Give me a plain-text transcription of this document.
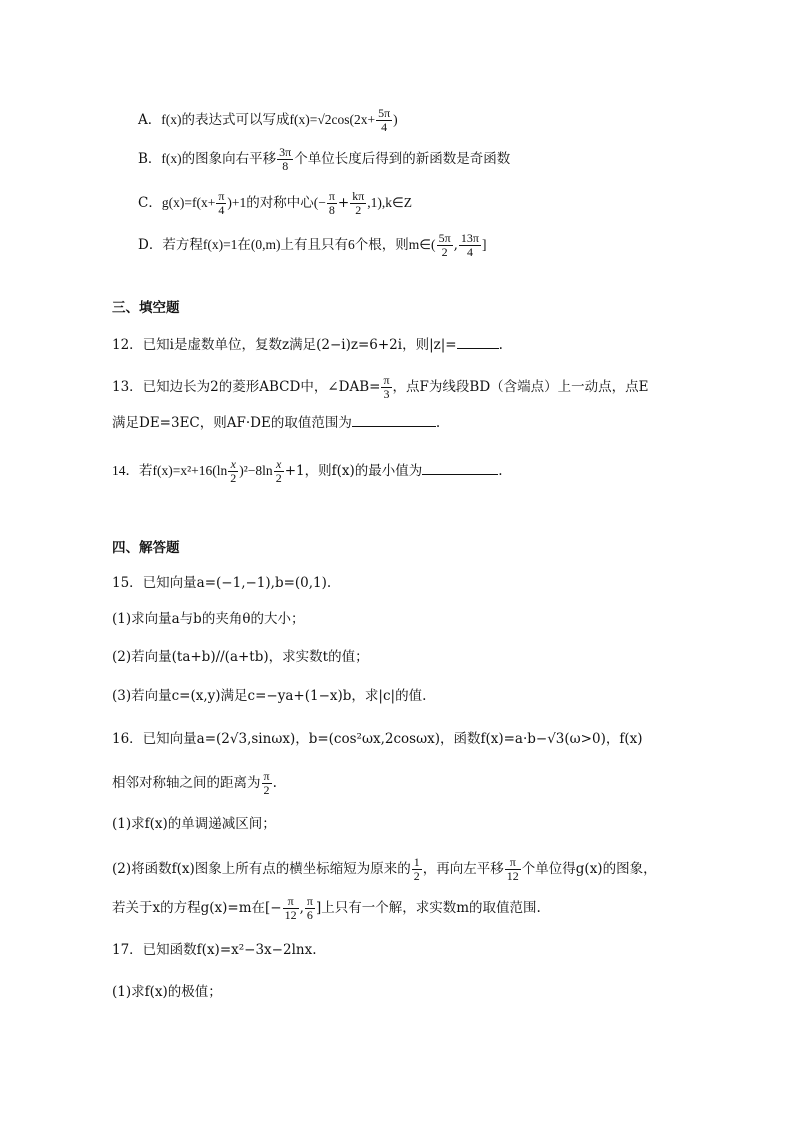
A．f(x)的表达式可以写成$f(x)=√2\cos(2x+ \frac{5\pi}{4}$ )
B．f(x)的图象向右平移 $\frac{3\pi}{8}$ 个单位长度后得到的新函数是奇函数
C．$g(x)=f(x+ \frac{\pi}{4} )+1$的对称中心(− $\frac{\pi}{8} + \frac{k\pi}{2}$ ,1),k∈Z
D．若方程f(x)=1在(0,m)上有且只有6个根，则m∈( $\frac{5\pi}{2}$ , $\frac{13\pi}{4}$ ]
三、填空题
12．已知i是虚数单位，复数z满足(2−i)z=6+2i，则|z|=	.
13．已知边长为2的菱形ABCD中，∠DAB= $\frac{\pi}{3}$ ，点F为线段BD（含端点）上一动点，点E
满足DE=3EC，则AF·DE的取值范围为	.
14．若$f(x)=x^2+16(\ln \frac{x}{2} )^2-8\ln \frac{x}{2} +1$，则f(x)的最小值为	.
四、解答题
15．已知向量a=(−1,−1),b=(0,1).
(1)求向量a与b的夹角θ的大小；
(2)若向量(ta+b)//(a+tb)，求实数t的值；
(3)若向量c=(x,y)满足c=−ya+(1−x)b，求|c|的值.
16．已知向量a=(2√3,sinωx)，b=(cos²ωx,2cosωx)，函数f(x)=a·b−√3(ω>0)，f(x)
相邻对称轴之间的距离为 $\frac{\pi}{2}$ .
(1)求f(x)的单调递减区间；
(2)将函数f(x)图象上所有点的横坐标缩短为原来的 $\frac{1}{2}$ ，再向左平移 $\frac{\pi}{12}$ 个单位得g(x)的图象，
若关于x的方程g(x)=m在[− $\frac{\pi}{12}$ , $\frac{\pi}{6}$ ]上只有一个解，求实数m的取值范围.
17．已知函数f(x)=x²−3x−2lnx.
(1)求f(x)的极值；
